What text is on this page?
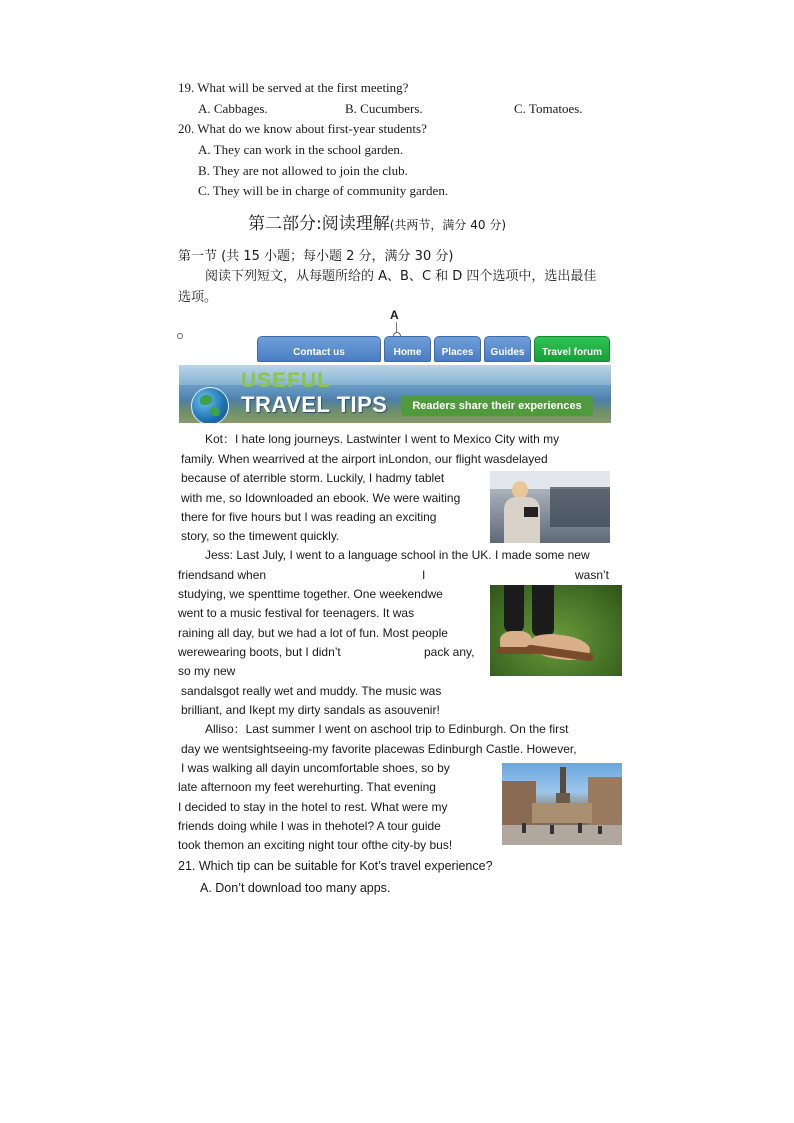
19. What will be served at the first meeting?
A. Cabbages.	B. Cucumbers.	C. Tomatoes.
20. What do we know about first-year students?
A. They can work in the school garden.
B. They are not allowed to join the club.
C. They will be in charge of community garden.
第二部分:阅读理解(共两节，满分 40 分)
第一节 (共 15 小题；每小题 2 分，满分 30 分)
阅读下列短文，从每题所给的 A、B、C 和 D 四个选项中，选出最佳
选项。
A
Contact us	Home	Places	Guides	Travel forum
USEFUL
TRAVEL TIPS	Readers share their experiences
Kot：I hate long journeys. Lastwinter I went to Mexico City with my
family. When wearrived at the airport inLondon, our flight wasdelayed
because of aterrible storm. Luckily, I hadmy tablet
with me, so Idownloaded an ebook. We were waiting
there for five hours but I was reading an exciting
story, so the timewent quickly.
Jess: Last July, I went to a language school in the UK. I made some new
friendsand when	I	wasn’t
studying, we spenttime together. One weekendwe
went to a music festival for teenagers. It was
raining all day, but we had a lot of fun. Most people
werewearing boots, but I didn’t	pack any,
so my new
sandalsgot really wet and muddy. The music was
brilliant, and Ikept my dirty sandals as asouvenir!
Alliso：Last summer I went on aschool trip to Edinburgh. On the first
day we wentsightseeing-my favorite placewas Edinburgh Castle. However,
I was walking all dayin uncomfortable shoes, so by
late afternoon my feet werehurting. That evening
I decided to stay in the hotel to rest. What were my
friends doing while I was in thehotel? A tour guide
took themon an exciting night tour ofthe city-by bus!
21. Which tip can be suitable for Kot’s travel experience?
A. Don’t download too many apps.
